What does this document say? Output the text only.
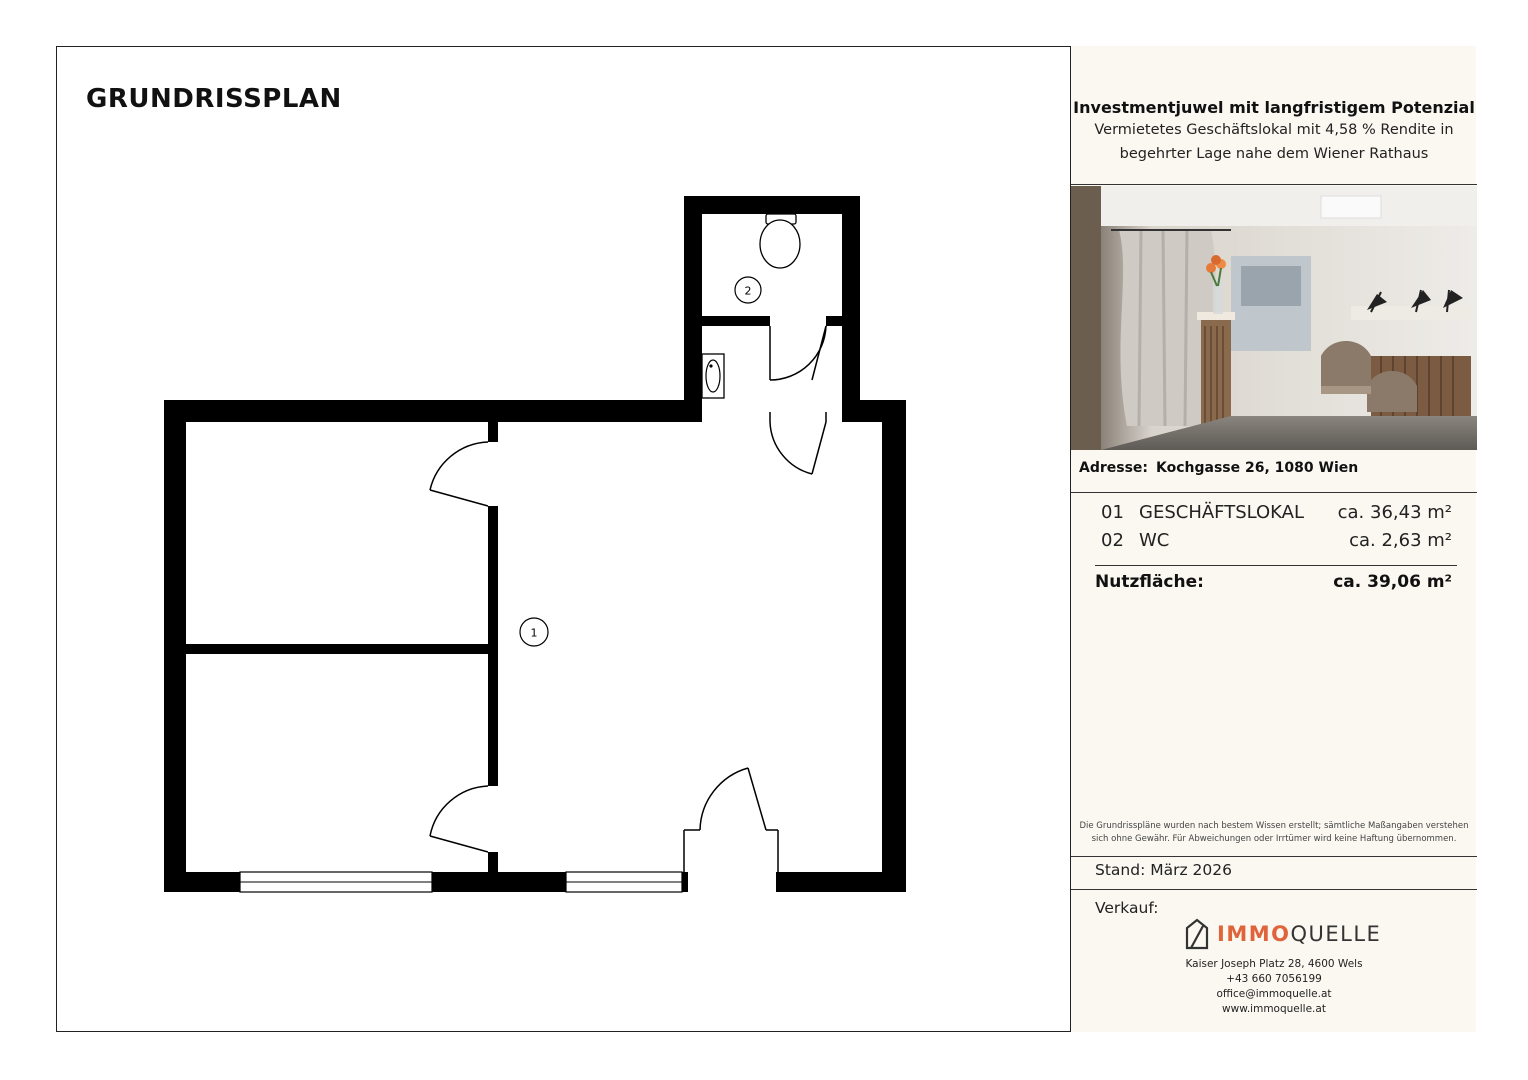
2
1
GRUNDRISSPLAN	Investmentjuwel mit langfristigem Potenzial
Vermietetes Geschäftslokal mit 4,58 % Rendite in
begehrter Lage nahe dem Wiener Rathaus
Adresse: Kochgasse 26, 1080 Wien
01 GESCHÄFTSLOKAL ca. 36,43 m²
02 WC	ca. 2,63 m²
Nutzfläche:	ca. 39,06 m²
Die Grundrisspläne wurden nach bestem Wissen erstellt; sämtliche Maßangaben verstehen
sich ohne Gewähr. Für Abweichungen oder Irrtümer wird keine Haftung übernommen.
Stand: März 2026
Verkauf:
IMMOQUELLE
Kaiser Joseph Platz 28, 4600 Wels
+43 660 7056199
office@immoquelle.at
www.immoquelle.at
